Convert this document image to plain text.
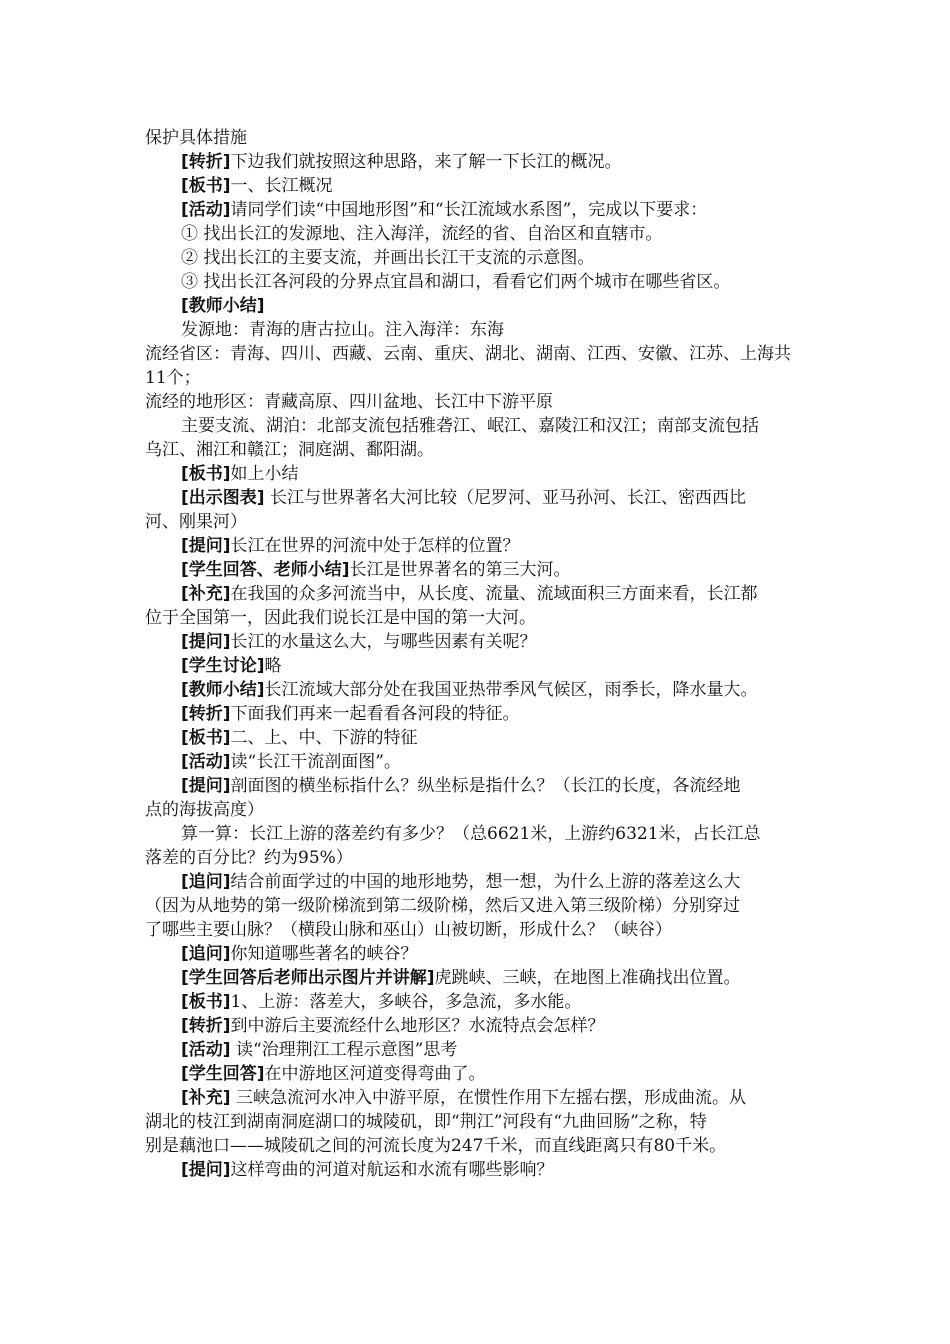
保护具体措施
[转折]下边我们就按照这种思路，来了解一下长江的概况。
[板书]一、长江概况
[活动]请同学们读“中国地形图”和“长江流域水系图”，完成以下要求：
① 找出长江的发源地、注入海洋，流经的省、自治区和直辖市。
② 找出长江的主要支流，并画出长江干支流的示意图。
③ 找出长江各河段的分界点宜昌和湖口，看看它们两个城市在哪些省区。
[教师小结]
发源地：青海的唐古拉山。注入海洋：东海
流经省区：青海、四川、西藏、云南、重庆、湖北、湖南、江西、安徽、江苏、上海共
11个；
流经的地形区：青藏高原、四川盆地、长江中下游平原
主要支流、湖泊：北部支流包括雅砻江、岷江、嘉陵江和汉江；南部支流包括
乌江、湘江和赣江；洞庭湖、鄱阳湖。
[板书]如上小结
[出示图表] 长江与世界著名大河比较（尼罗河、亚马孙河、长江、密西西比
河、刚果河）
[提问]长江在世界的河流中处于怎样的位置？
[学生回答、老师小结]长江是世界著名的第三大河。
[补充]在我国的众多河流当中，从长度、流量、流域面积三方面来看，长江都
位于全国第一，因此我们说长江是中国的第一大河。
[提问]长江的水量这么大，与哪些因素有关呢？
[学生讨论]略
[教师小结]长江流域大部分处在我国亚热带季风气候区，雨季长，降水量大。
[转折]下面我们再来一起看看各河段的特征。
[板书]二、上、中、下游的特征
[活动]读“长江干流剖面图”。
[提问]剖面图的横坐标指什么？纵坐标是指什么？（长江的长度，各流经地
点的海拔高度）
算一算：长江上游的落差约有多少？（总6621米，上游约6321米，占长江总
落差的百分比？约为95%）
[追问]结合前面学过的中国的地形地势，想一想，为什么上游的落差这么大
（因为从地势的第一级阶梯流到第二级阶梯，然后又进入第三级阶梯）分别穿过
了哪些主要山脉？（横段山脉和巫山）山被切断，形成什么？（峡谷）
[追问]你知道哪些著名的峡谷？
[学生回答后老师出示图片并讲解]虎跳峡、三峡，在地图上准确找出位置。
[板书]1、上游：落差大，多峡谷，多急流，多水能。
[转折]到中游后主要流经什么地形区？水流特点会怎样？
[活动] 读“治理荆江工程示意图”思考
[学生回答]在中游地区河道变得弯曲了。
[补充] 三峡急流河水冲入中游平原，在惯性作用下左摇右摆，形成曲流。从
湖北的枝江到湖南洞庭湖口的城陵矶，即“荆江”河段有“九曲回肠”之称，特
别是藕池口——城陵矶之间的河流长度为247千米，而直线距离只有80千米。
[提问]这样弯曲的河道对航运和水流有哪些影响？
